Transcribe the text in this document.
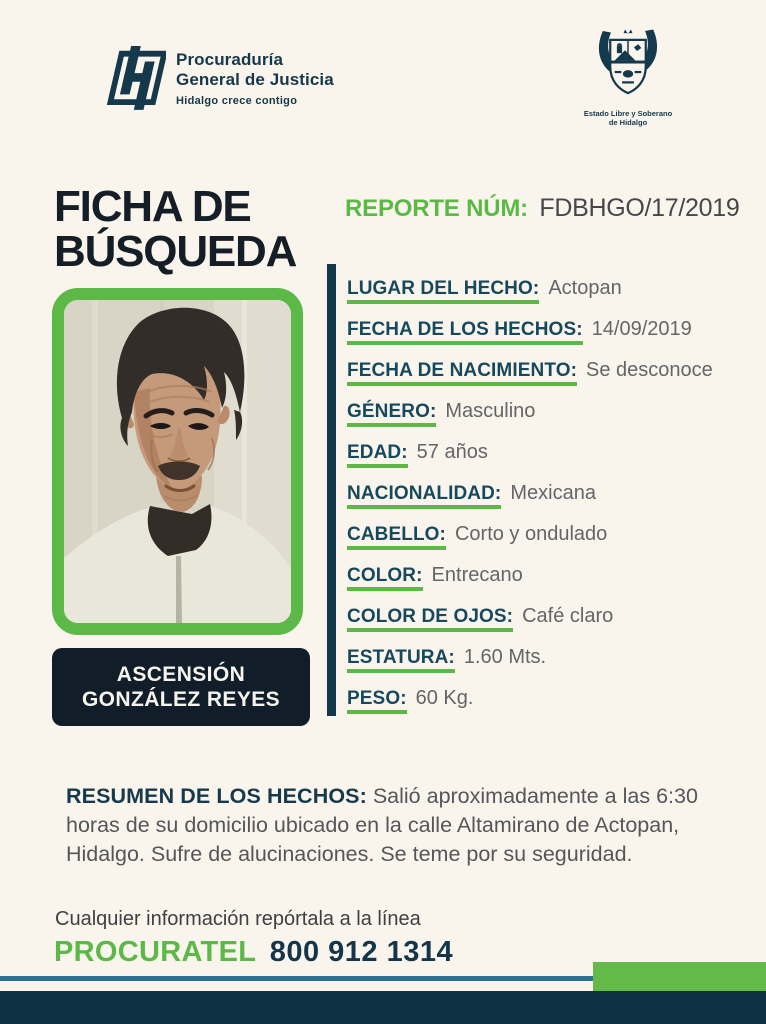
Procuraduría
General de Justicia
Hidalgo crece contigo
Estado Libre y Soberano
de Hidalgo
FICHA DE
BÚSQUEDA
REPORTE NÚM: FDBHGO/17/2019
ASCENSIÓN
GONZÁLEZ REYES
LUGAR DEL HECHO: Actopan
FECHA DE LOS HECHOS: 14/09/2019
FECHA DE NACIMIENTO: Se desconoce
GÉNERO: Masculino
EDAD: 57 años
NACIONALIDAD: Mexicana
CABELLO: Corto y ondulado
COLOR: Entrecano
COLOR DE OJOS: Café claro
ESTATURA: 1.60 Mts.
PESO: 60 Kg.

RESUMEN DE LOS HECHOS: Salió aproximadamente a las 6:30 horas de su domicilio ubicado en la calle Altamirano de Actopan, Hidalgo. Sufre de alucinaciones. Se teme por su seguridad.

Cualquier información repórtala a la línea
PROCURATEL 800 912 1314
